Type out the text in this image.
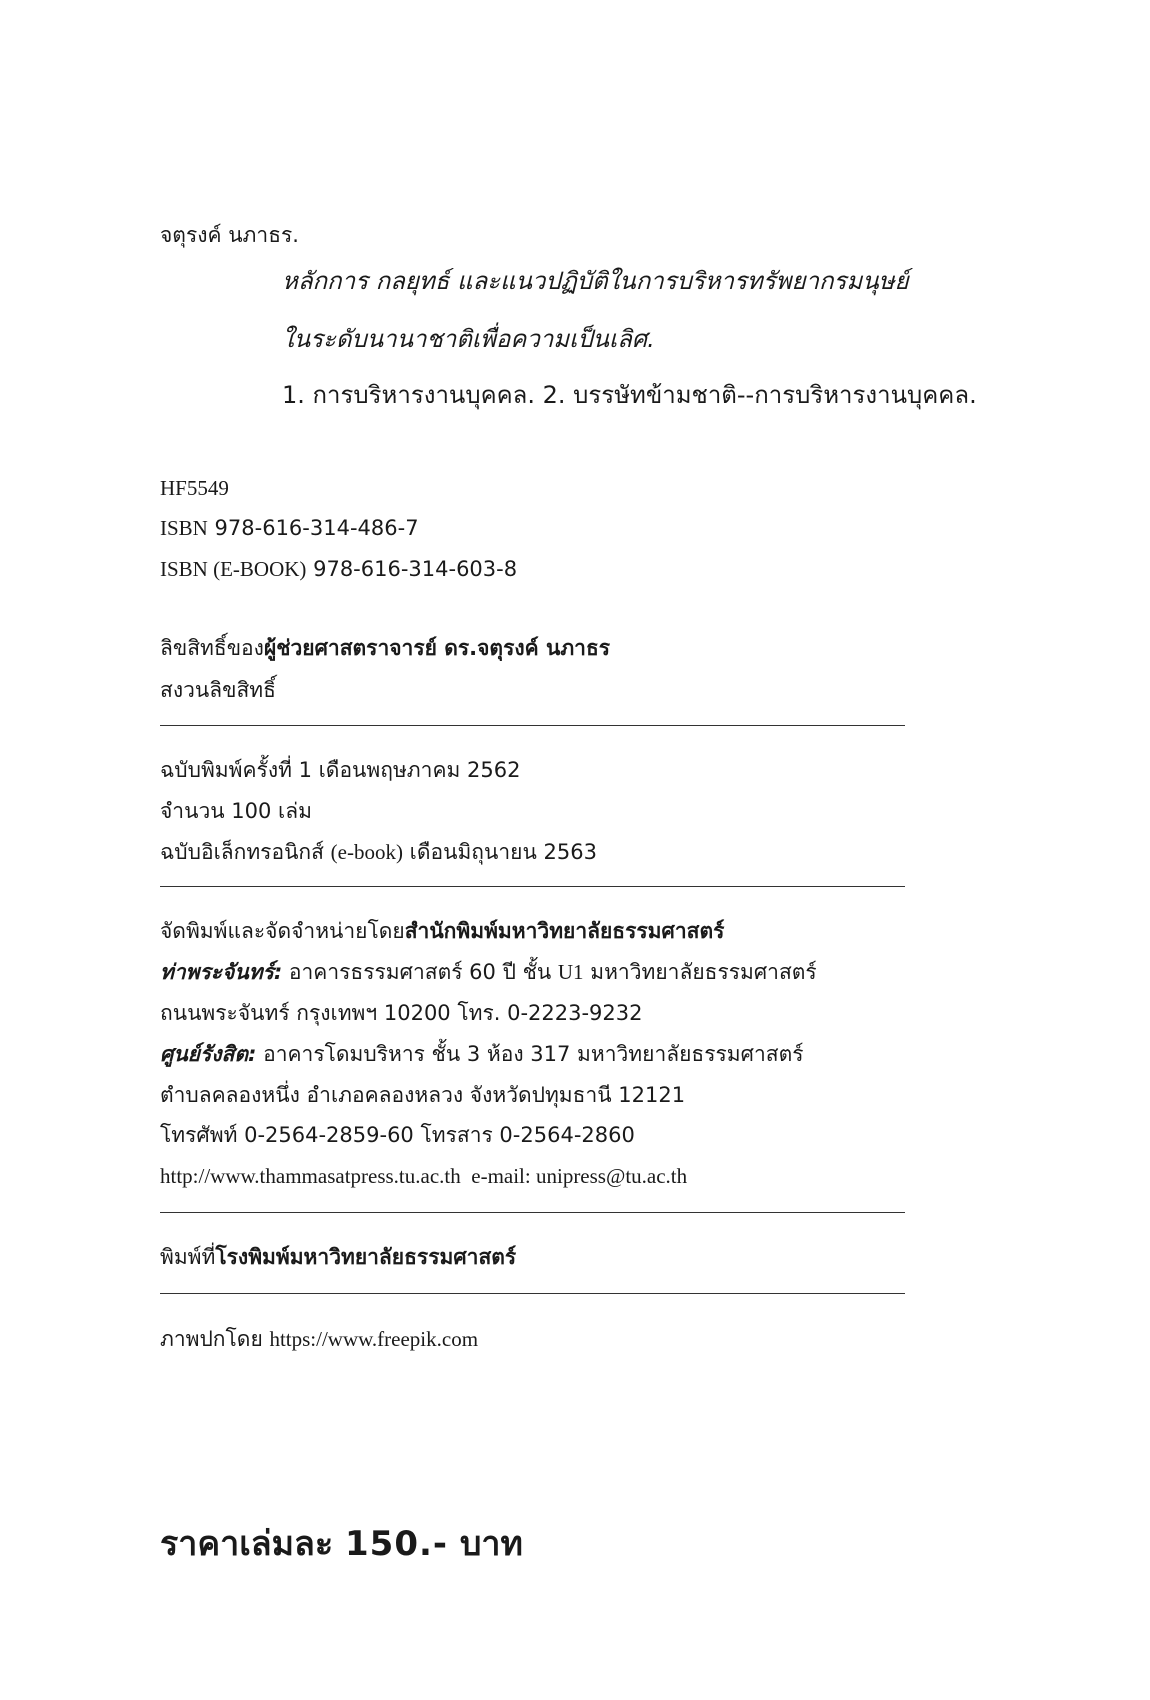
จตุรงค์ นภาธร.
หลักการ กลยุทธ์ และแนวปฏิบัติในการบริหารทรัพยากรมนุษย์
ในระดับนานาชาติเพื่อความเป็นเลิศ.
1. การบริหารงานบุคคล. 2. บรรษัทข้ามชาติ--การบริหารงานบุคคล.
HF5549
ISBN 978-616-314-486-7
ISBN (E-BOOK) 978-616-314-603-8
ลิขสิทธิ์ของผู้ช่วยศาสตราจารย์ ดร.จตุรงค์ นภาธร
สงวนลิขสิทธิ์
ฉบับพิมพ์ครั้งที่ 1 เดือนพฤษภาคม 2562
จำนวน 100 เล่ม
ฉบับอิเล็กทรอนิกส์ (e-book) เดือนมิถุนายน 2563
จัดพิมพ์และจัดจำหน่ายโดยสำนักพิมพ์มหาวิทยาลัยธรรมศาสตร์
ท่าพระจันทร์: อาคารธรรมศาสตร์ 60 ปี ชั้น U1 มหาวิทยาลัยธรรมศาสตร์
ถนนพระจันทร์ กรุงเทพฯ 10200 โทร. 0-2223-9232
ศูนย์รังสิต: อาคารโดมบริหาร ชั้น 3 ห้อง 317 มหาวิทยาลัยธรรมศาสตร์
ตำบลคลองหนึ่ง อำเภอคลองหลวง จังหวัดปทุมธานี 12121
โทรศัพท์ 0-2564-2859-60 โทรสาร 0-2564-2860
http://www.thammasatpress.tu.ac.th e-mail: unipress@tu.ac.th
พิมพ์ที่โรงพิมพ์มหาวิทยาลัยธรรมศาสตร์
ภาพปกโดย https://www.freepik.com
ราคาเล่มละ 150.- บาท
